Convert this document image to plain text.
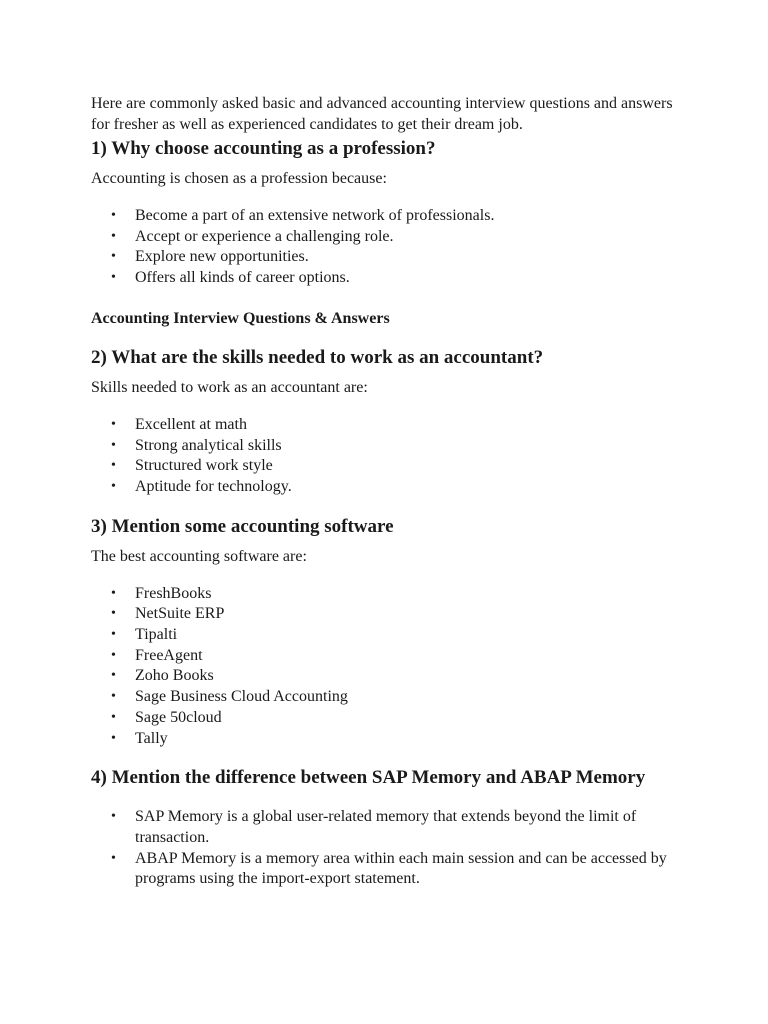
Here are commonly asked basic and advanced accounting interview questions and answers for fresher as well as experienced candidates to get their dream job.

1) Why choose accounting as a profession?

Accounting is chosen as a profession because:

• Become a part of an extensive network of professionals.
• Accept or experience a challenging role.
• Explore new opportunities.
• Offers all kinds of career options.

Accounting Interview Questions & Answers

2) What are the skills needed to work as an accountant?

Skills needed to work as an accountant are:

• Excellent at math
• Strong analytical skills
• Structured work style
• Aptitude for technology.
3) Mention some accounting software

The best accounting software are:

• FreshBooks
• NetSuite ERP
• Tipalti
• FreeAgent
• Zoho Books
• Sage Business Cloud Accounting
• Sage 50cloud
• Tally
4) Mention the difference between SAP Memory and ABAP Memory
• SAP Memory is a global user-related memory that extends beyond the limit of transaction.
• ABAP Memory is a memory area within each main session and can be accessed by programs using the import-export statement.
